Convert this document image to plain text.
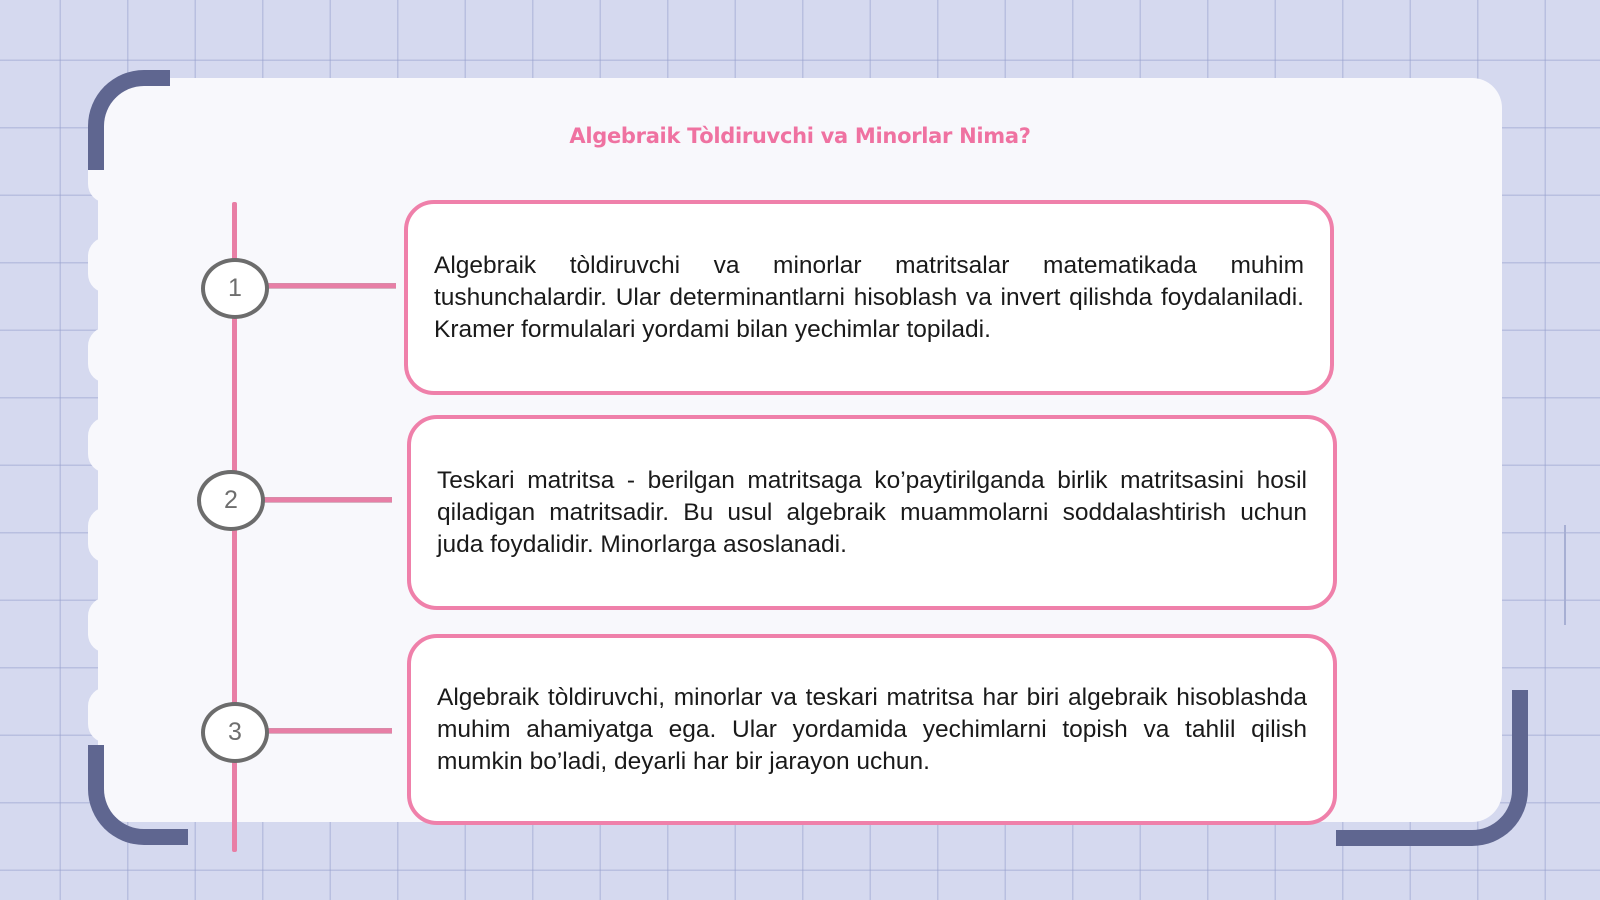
Algebraik Tòldiruvchi va Minorlar Nima?
1
2
3

Algebraik tòldiruvchi va minorlar matritsalar matematikada muhim tushunchalardir. Ular determinantlarni hisoblash va invert qilishda foydalaniladi. Kramer formulalari yordami bilan yechimlar topiladi.

Teskari matritsa - berilgan matritsaga ko’paytirilganda birlik matritsasini hosil qiladigan matritsadir. Bu usul algebraik muammolarni soddalashtirish uchun juda foydalidir. Minorlarga asoslanadi.

Algebraik tòldiruvchi, minorlar va teskari matritsa har biri algebraik hisoblashda muhim ahamiyatga ega. Ular yordamida yechimlarni topish va tahlil qilish mumkin bo’ladi, deyarli har bir jarayon uchun.
